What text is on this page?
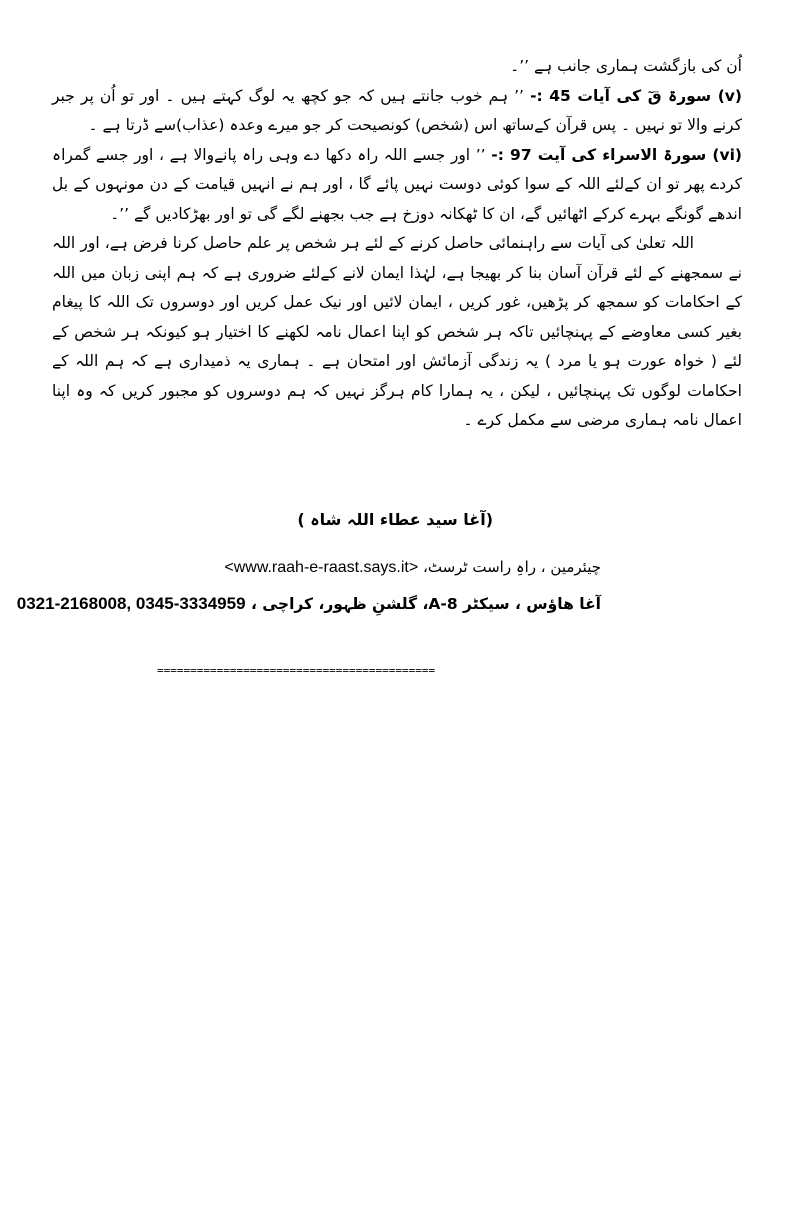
اُن کی بازگشت ہماری جانب ہے ’’۔

(v) سورۃ قٓ کی آیات 45 :- ’’ ہم خوب جانتے ہیں کہ جو کچھ یہ لوگ کہتے ہیں ۔ اور تو اُن پر جبر کرنے والا تو نہیں ۔ پس قرآن کےساتھ اس (شخص) کونصیحت کر جو میرے وعدہ (عذاب)سے ڈرتا ہے ۔

(vi) سورۃ الاسراء کی آیت 97 :- ’’ اور جسے اللہ راہ دکھا دے وہی راہ پانےوالا ہے ، اور جسے گمراہ کردے پھر تو ان کےلئے اللہ کے سوا کوئی دوست نہیں پائے گا ، اور ہم نے انہیں قیامت کے دن مونہوں کے بل اندھے گونگے بہرے کرکے اٹھائیں گے، ان کا ٹھکانہ دوزخ ہے جب بجھنے لگے گی تو اور بھڑکادیں گے ’’۔

اللہ تعلیٰ کی آیات سے راہنمائی حاصل کرنے کے لئے ہر شخص پر علم حاصل کرنا فرض ہے، اور اللہ نے سمجھنے کے لئے قرآن آسان بنا کر بھیجا ہے، لہٰذا ایمان لانے کےلئے ضروری ہے کہ ہم اپنی زبان میں اللہ کے احکامات کو سمجھ کر پڑھیں، غور کریں ، ایمان لائیں اور نیک عمل کریں اور دوسروں تک اللہ کا پیغام بغیر کسی معاوضے کے پہنچائیں تاکہ ہر شخص کو اپنا اعمال نامہ لکھنے کا اختیار ہو کیونکہ ہر شخص کے لئے ( خواہ عورت ہو یا مرد ) یہ زندگی آزمائش اور امتحان ہے ۔ ہماری یہ ذمیداری ہے کہ ہم اللہ کے احکامات لوگوں تک پہنچائیں ، لیکن ، یہ ہمارا کام ہرگز نہیں کہ ہم دوسروں کو مجبور کریں کہ وہ اپنا اعمال نامہ ہماری مرضی سے مکمل کرے ۔

(آغا سید عطاء اللہ شاہ )
چیئرمین ، راہِ راست ٹرسٹ، <www.raah-e-raast.says.it>
آغا ھاؤس ، سیکٹر 8-A، گلشنِ ظہور، کراچی ، 0321-2168008, 0345-3334959
==========================================
